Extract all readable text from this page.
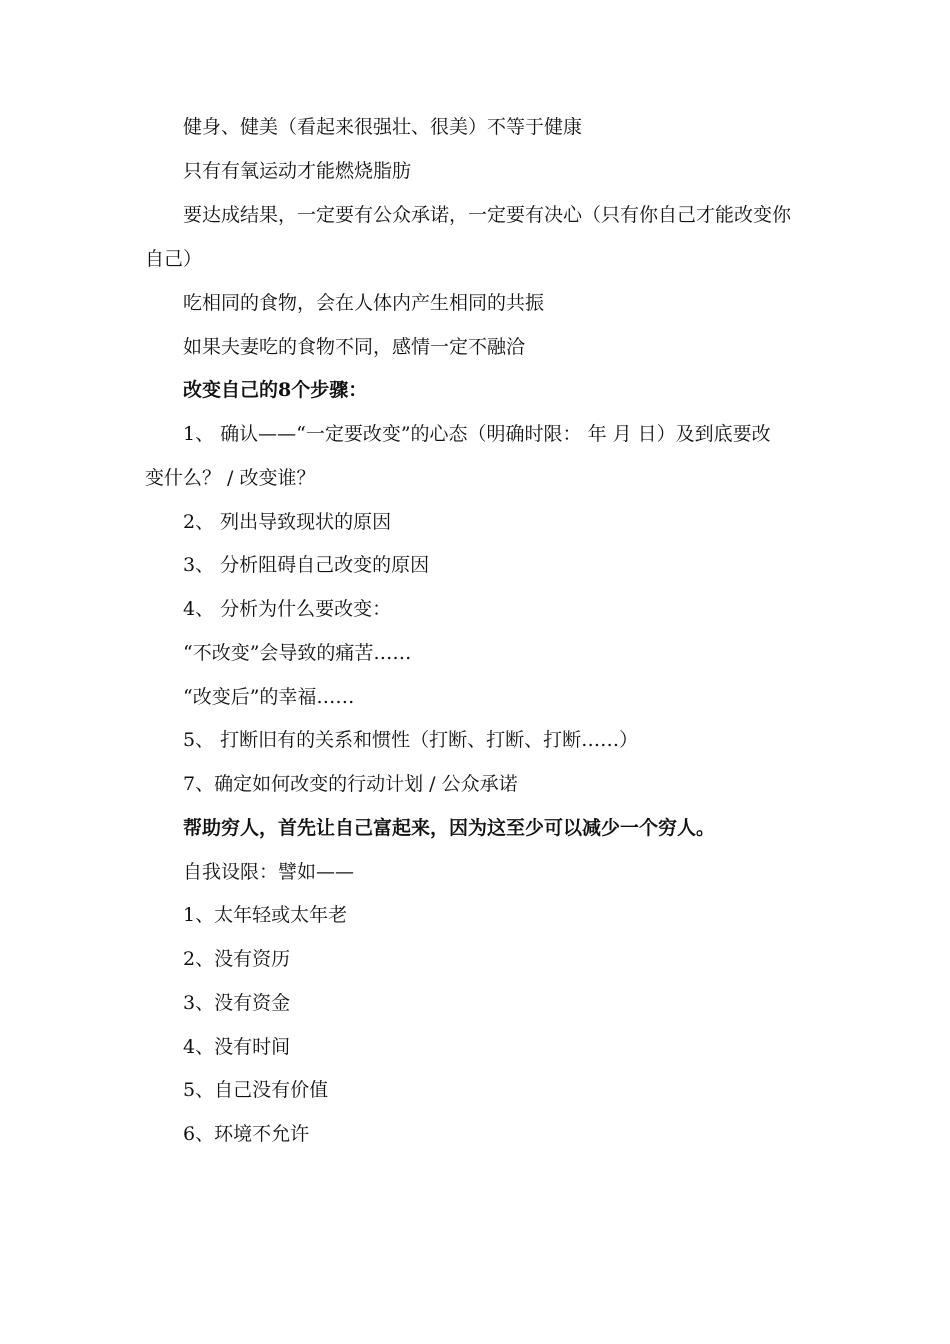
健身、健美（看起来很强壮、很美）不等于健康
只有有氧运动才能燃烧脂肪
要达成结果，一定要有公众承诺，一定要有决心（只有你自己才能改变你
自己）
吃相同的食物，会在人体内产生相同的共振
如果夫妻吃的食物不同，感情一定不融洽
改变自己的8个步骤：
1、 确认——“一定要改变”的心态（明确时限： 年 月 日）及到底要改
变什么？ / 改变谁？
2、 列出导致现状的原因
3、 分析阻碍自己改变的原因
4、 分析为什么要改变：
“不改变”会导致的痛苦……
“改变后”的幸福……
5、 打断旧有的关系和惯性（打断、打断、打断……）
7、确定如何改变的行动计划 / 公众承诺
帮助穷人，首先让自己富起来，因为这至少可以减少一个穷人。
自我设限：譬如——
1、太年轻或太年老
2、没有资历
3、没有资金
4、没有时间
5、自己没有价值
6、环境不允许
